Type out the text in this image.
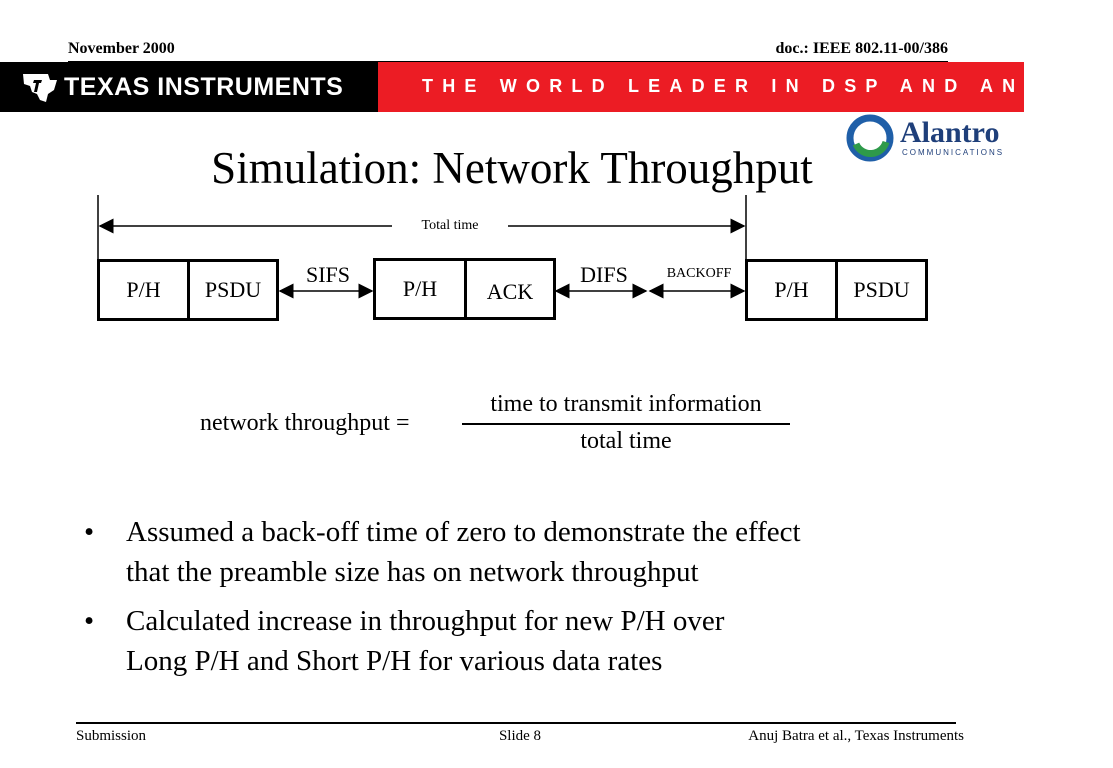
November 2000	doc.: IEEE 802.11-00/386
TEXAS INSTRUMENTS	THE WORLD LEADER IN DSP AND ANALOG
Alantro
COMMUNICATIONS
Simulation: Network Throughput
Total time
P/H PSDU
SIFS
P/H ACK
DIFS	BACKOFF
P/H PSDU
network throughput =
time to transmit information
total time
• Assumed a back-off time of zero to demonstrate the effect
that the preamble size has on network throughput
• Calculated increase in throughput for new P/H over
Long P/H and Short P/H for various data rates
Submission	Slide 8	Anuj Batra et al., Texas Instruments
